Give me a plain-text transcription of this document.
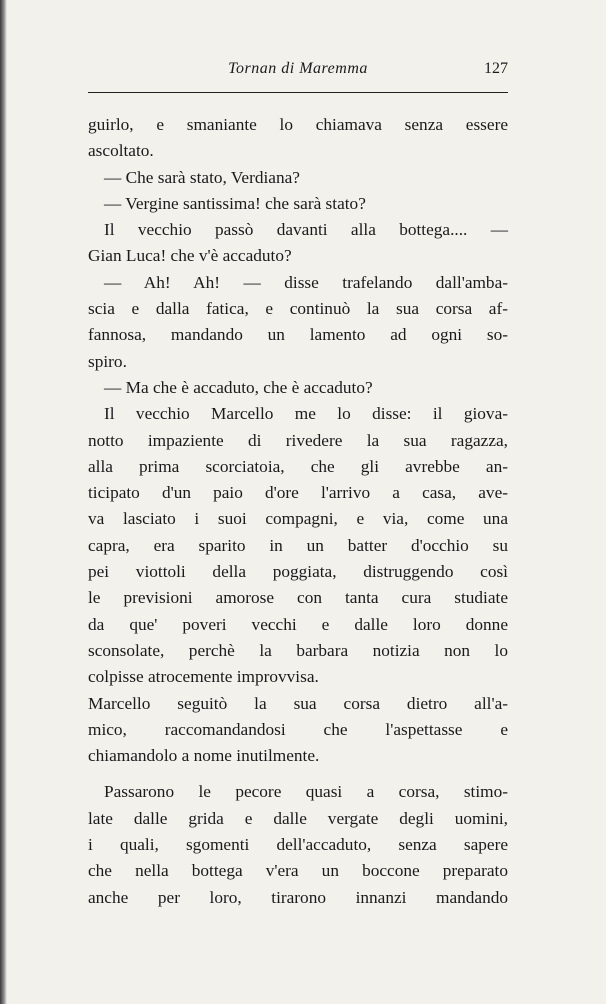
Tornan di Maremma	127
guirlo, e smaniante lo chiamava senza essere
ascoltato.
— Che sarà stato, Verdiana?
— Vergine santissima! che sarà stato?
Il vecchio passò davanti alla bottega.... —
Gian Luca! che v'è accaduto?
— Ah! Ah! — disse trafelando dall'amba-
scia e dalla fatica, e continuò la sua corsa af-
fannosa, mandando un lamento ad ogni so-
spiro.
— Ma che è accaduto, che è accaduto?
Il vecchio Marcello me lo disse: il giova-
notto impaziente di rivedere la sua ragazza,
alla prima scorciatoia, che gli avrebbe an-
ticipato d'un paio d'ore l'arrivo a casa, ave-
va lasciato i suoi compagni, e via, come una
capra, era sparito in un batter d'occhio su
pei viottoli della poggiata, distruggendo così
le previsioni amorose con tanta cura studiate
da que' poveri vecchi e dalle loro donne
sconsolate, perchè la barbara notizia non lo
colpisse atrocemente improvvisa.
Marcello seguitò la sua corsa dietro all'a-
mico, raccomandandosi che l'aspettasse e
chiamandolo a nome inutilmente.
Passarono le pecore quasi a corsa, stimo-
late dalle grida e dalle vergate degli uomini,
i quali, sgomenti dell'accaduto, senza sapere
che nella bottega v'era un boccone preparato
anche per loro, tirarono innanzi mandando
